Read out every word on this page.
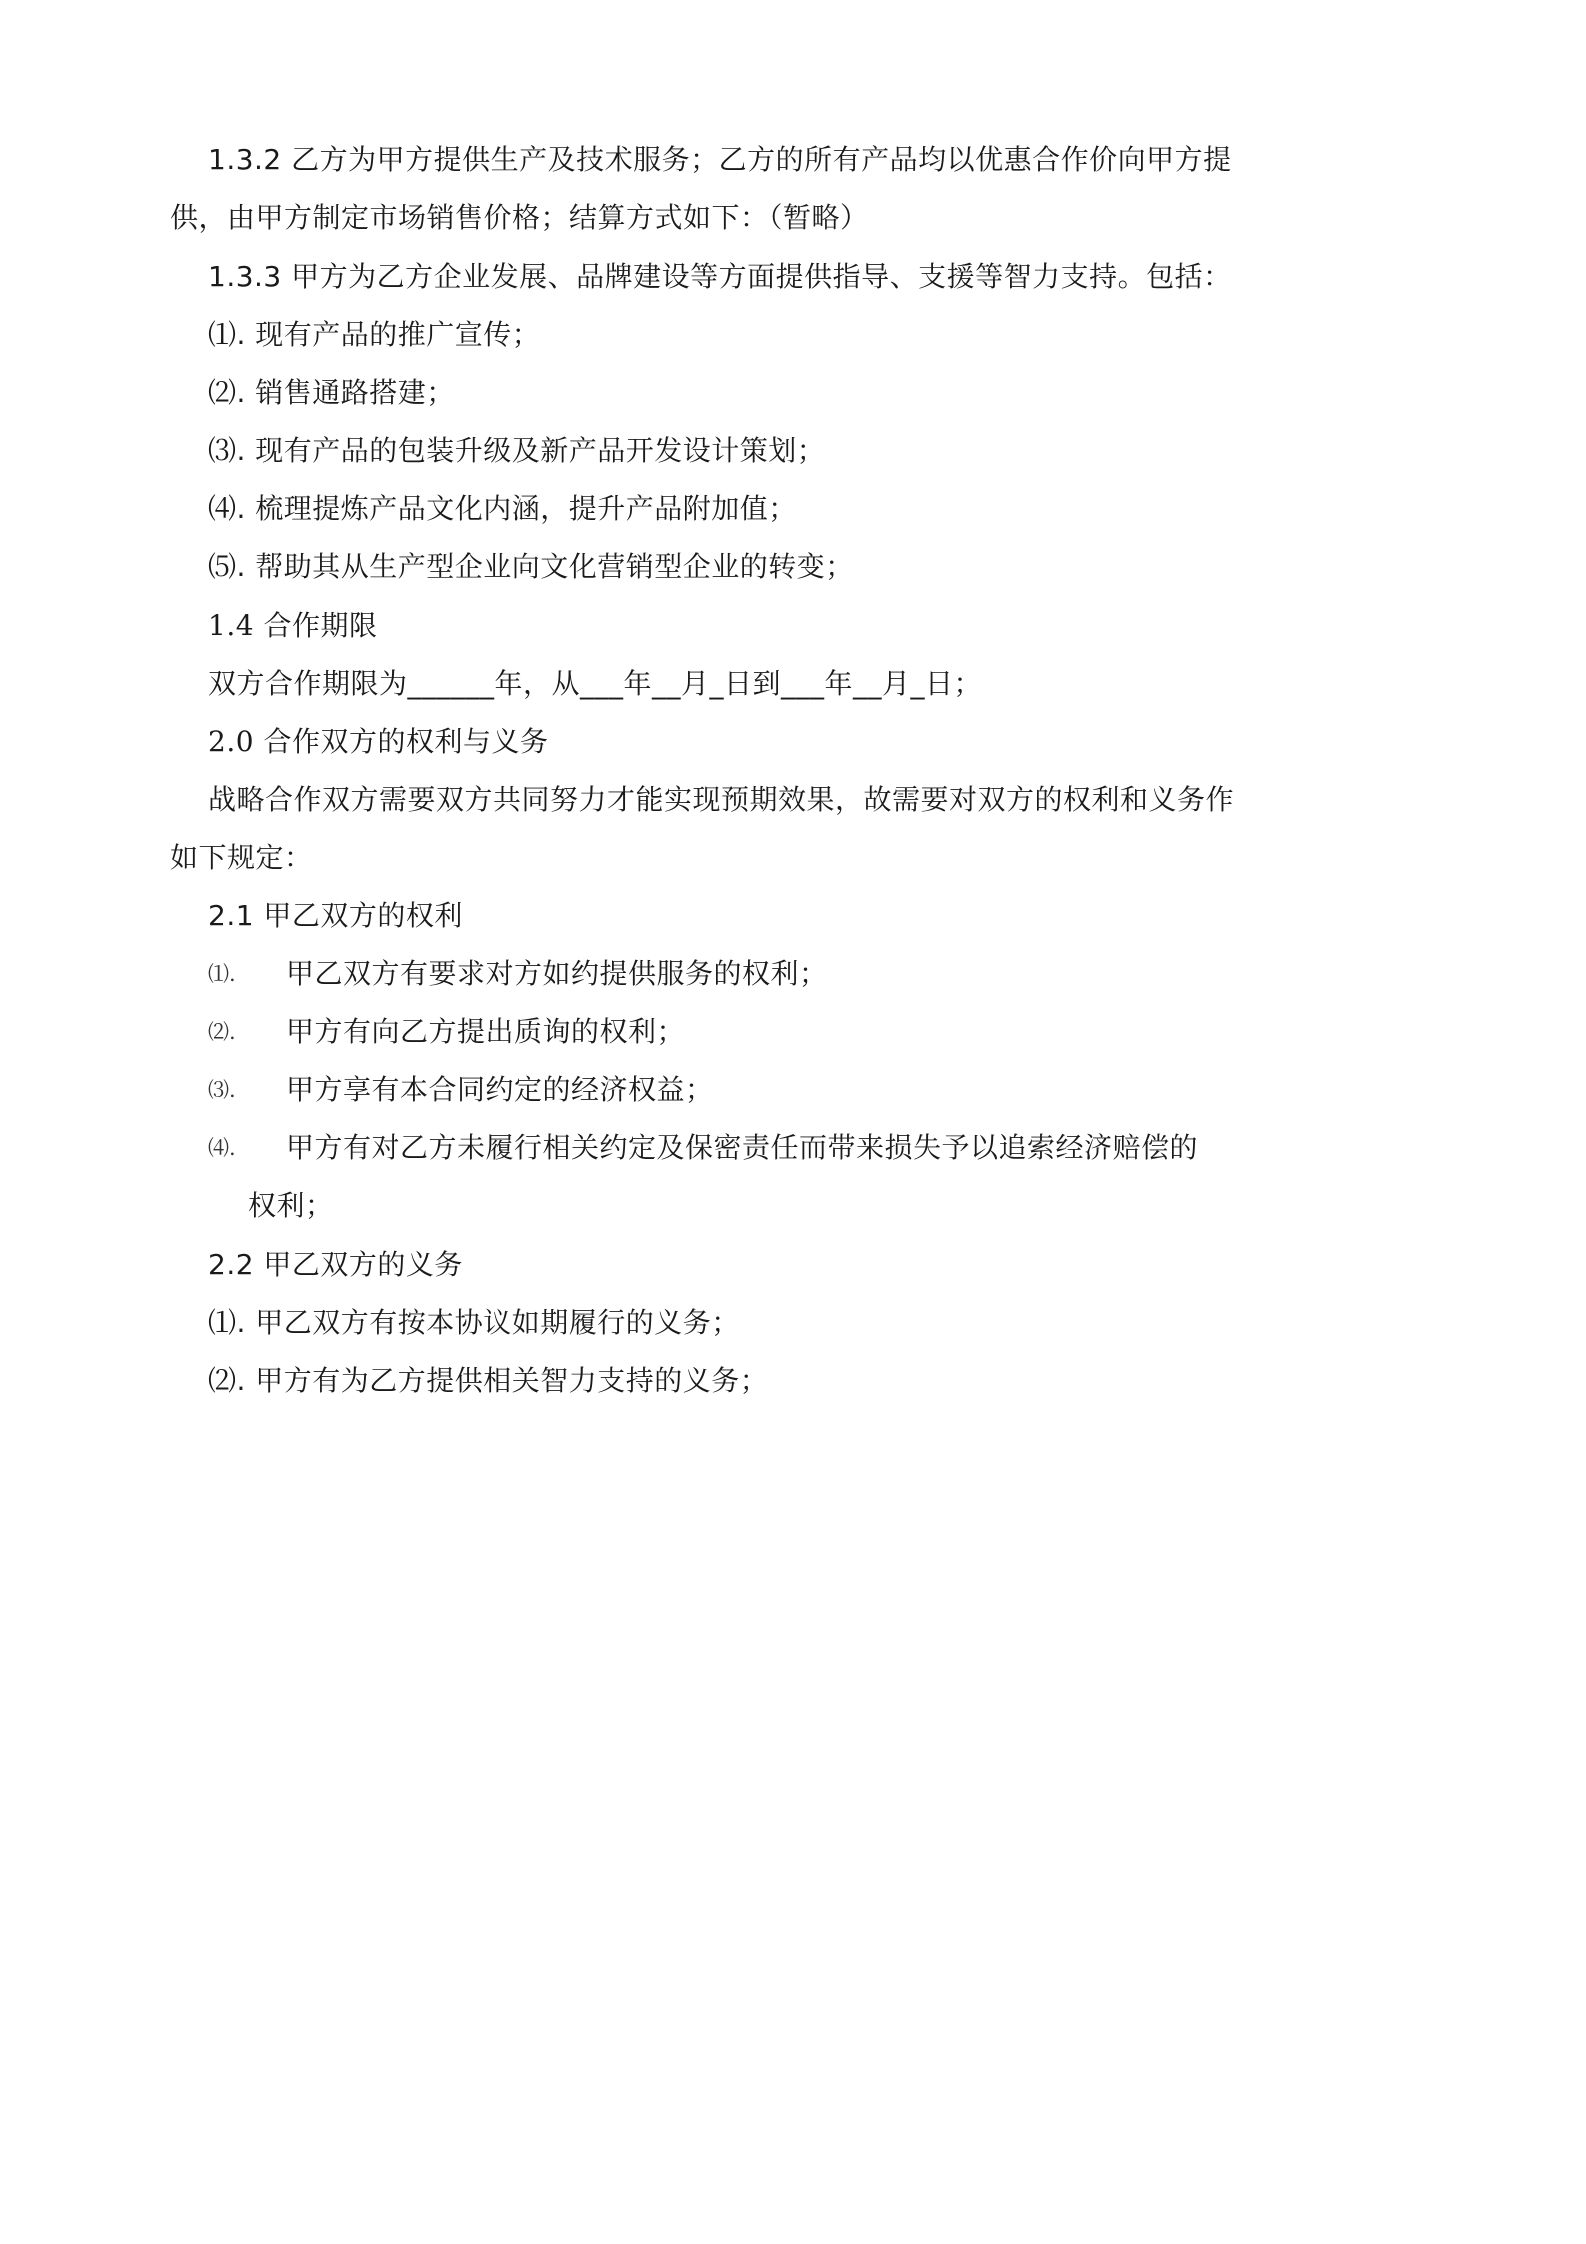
1.3.2 乙方为甲方提供生产及技术服务；乙方的所有产品均以优惠合作价向甲方提
供，由甲方制定市场销售价格；结算方式如下：（暂略）
1.3.3 甲方为乙方企业发展、品牌建设等方面提供指导、支援等智力支持。包括：
⑴. 现有产品的推广宣传；
⑵. 销售通路搭建；
⑶. 现有产品的包装升级及新产品开发设计策划；
⑷. 梳理提炼产品文化内涵，提升产品附加值；
⑸. 帮助其从生产型企业向文化营销型企业的转变；
1.4 合作期限
双方合作期限为______年，从___年__月_日到___年__月_日；
2.0 合作双方的权利与义务
战略合作双方需要双方共同努力才能实现预期效果，故需要对双方的权利和义务作
如下规定：
2.1 甲乙双方的权利
⑴. 甲乙双方有要求对方如约提供服务的权利；
⑵. 甲方有向乙方提出质询的权利；
⑶. 甲方享有本合同约定的经济权益；
⑷. 甲方有对乙方未履行相关约定及保密责任而带来损失予以追索经济赔偿的
权利；
2.2 甲乙双方的义务
⑴. 甲乙双方有按本协议如期履行的义务；
⑵. 甲方有为乙方提供相关智力支持的义务；
